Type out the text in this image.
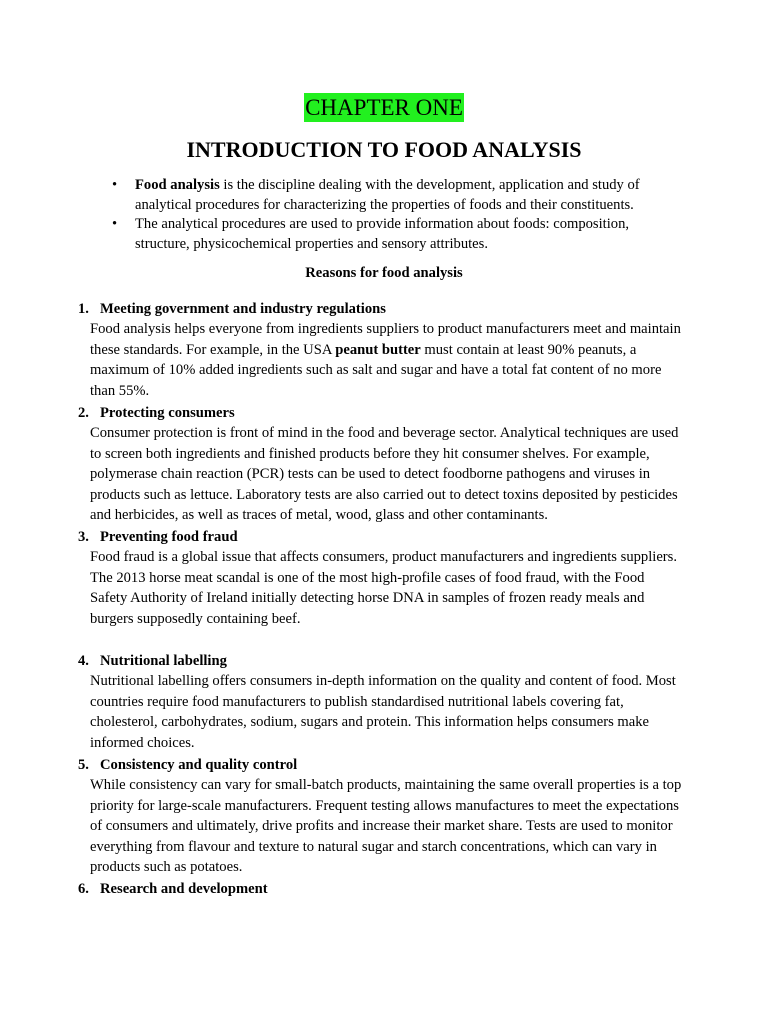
CHAPTER ONE
INTRODUCTION TO FOOD ANALYSIS
• Food analysis is the discipline dealing with the development, application and study of analytical procedures for characterizing the properties of foods and their constituents.
• The analytical procedures are used to provide information about foods: composition, structure, physicochemical properties and sensory attributes.
Reasons for food analysis
1. Meeting government and industry regulations
Food analysis helps everyone from ingredients suppliers to product manufacturers meet and maintain these standards. For example, in the USA peanut butter must contain at least 90% peanuts, a maximum of 10% added ingredients such as salt and sugar and have a total fat content of no more than 55%.
2. Protecting consumers
Consumer protection is front of mind in the food and beverage sector. Analytical techniques are used to screen both ingredients and finished products before they hit consumer shelves. For example, polymerase chain reaction (PCR) tests can be used to detect foodborne pathogens and viruses in products such as lettuce. Laboratory tests are also carried out to detect toxins deposited by pesticides and herbicides, as well as traces of metal, wood, glass and other contaminants.
3. Preventing food fraud
Food fraud is a global issue that affects consumers, product manufacturers and ingredients suppliers. The 2013 horse meat scandal is one of the most high-profile cases of food fraud, with the Food Safety Authority of Ireland initially detecting horse DNA in samples of frozen ready meals and burgers supposedly containing beef.
4. Nutritional labelling
Nutritional labelling offers consumers in-depth information on the quality and content of food. Most countries require food manufacturers to publish standardised nutritional labels covering fat, cholesterol, carbohydrates, sodium, sugars and protein. This information helps consumers make informed choices.
5. Consistency and quality control
While consistency can vary for small-batch products, maintaining the same overall properties is a top priority for large-scale manufacturers. Frequent testing allows manufactures to meet the expectations of consumers and ultimately, drive profits and increase their market share. Tests are used to monitor everything from flavour and texture to natural sugar and starch concentrations, which can vary in products such as potatoes.
6. Research and development
